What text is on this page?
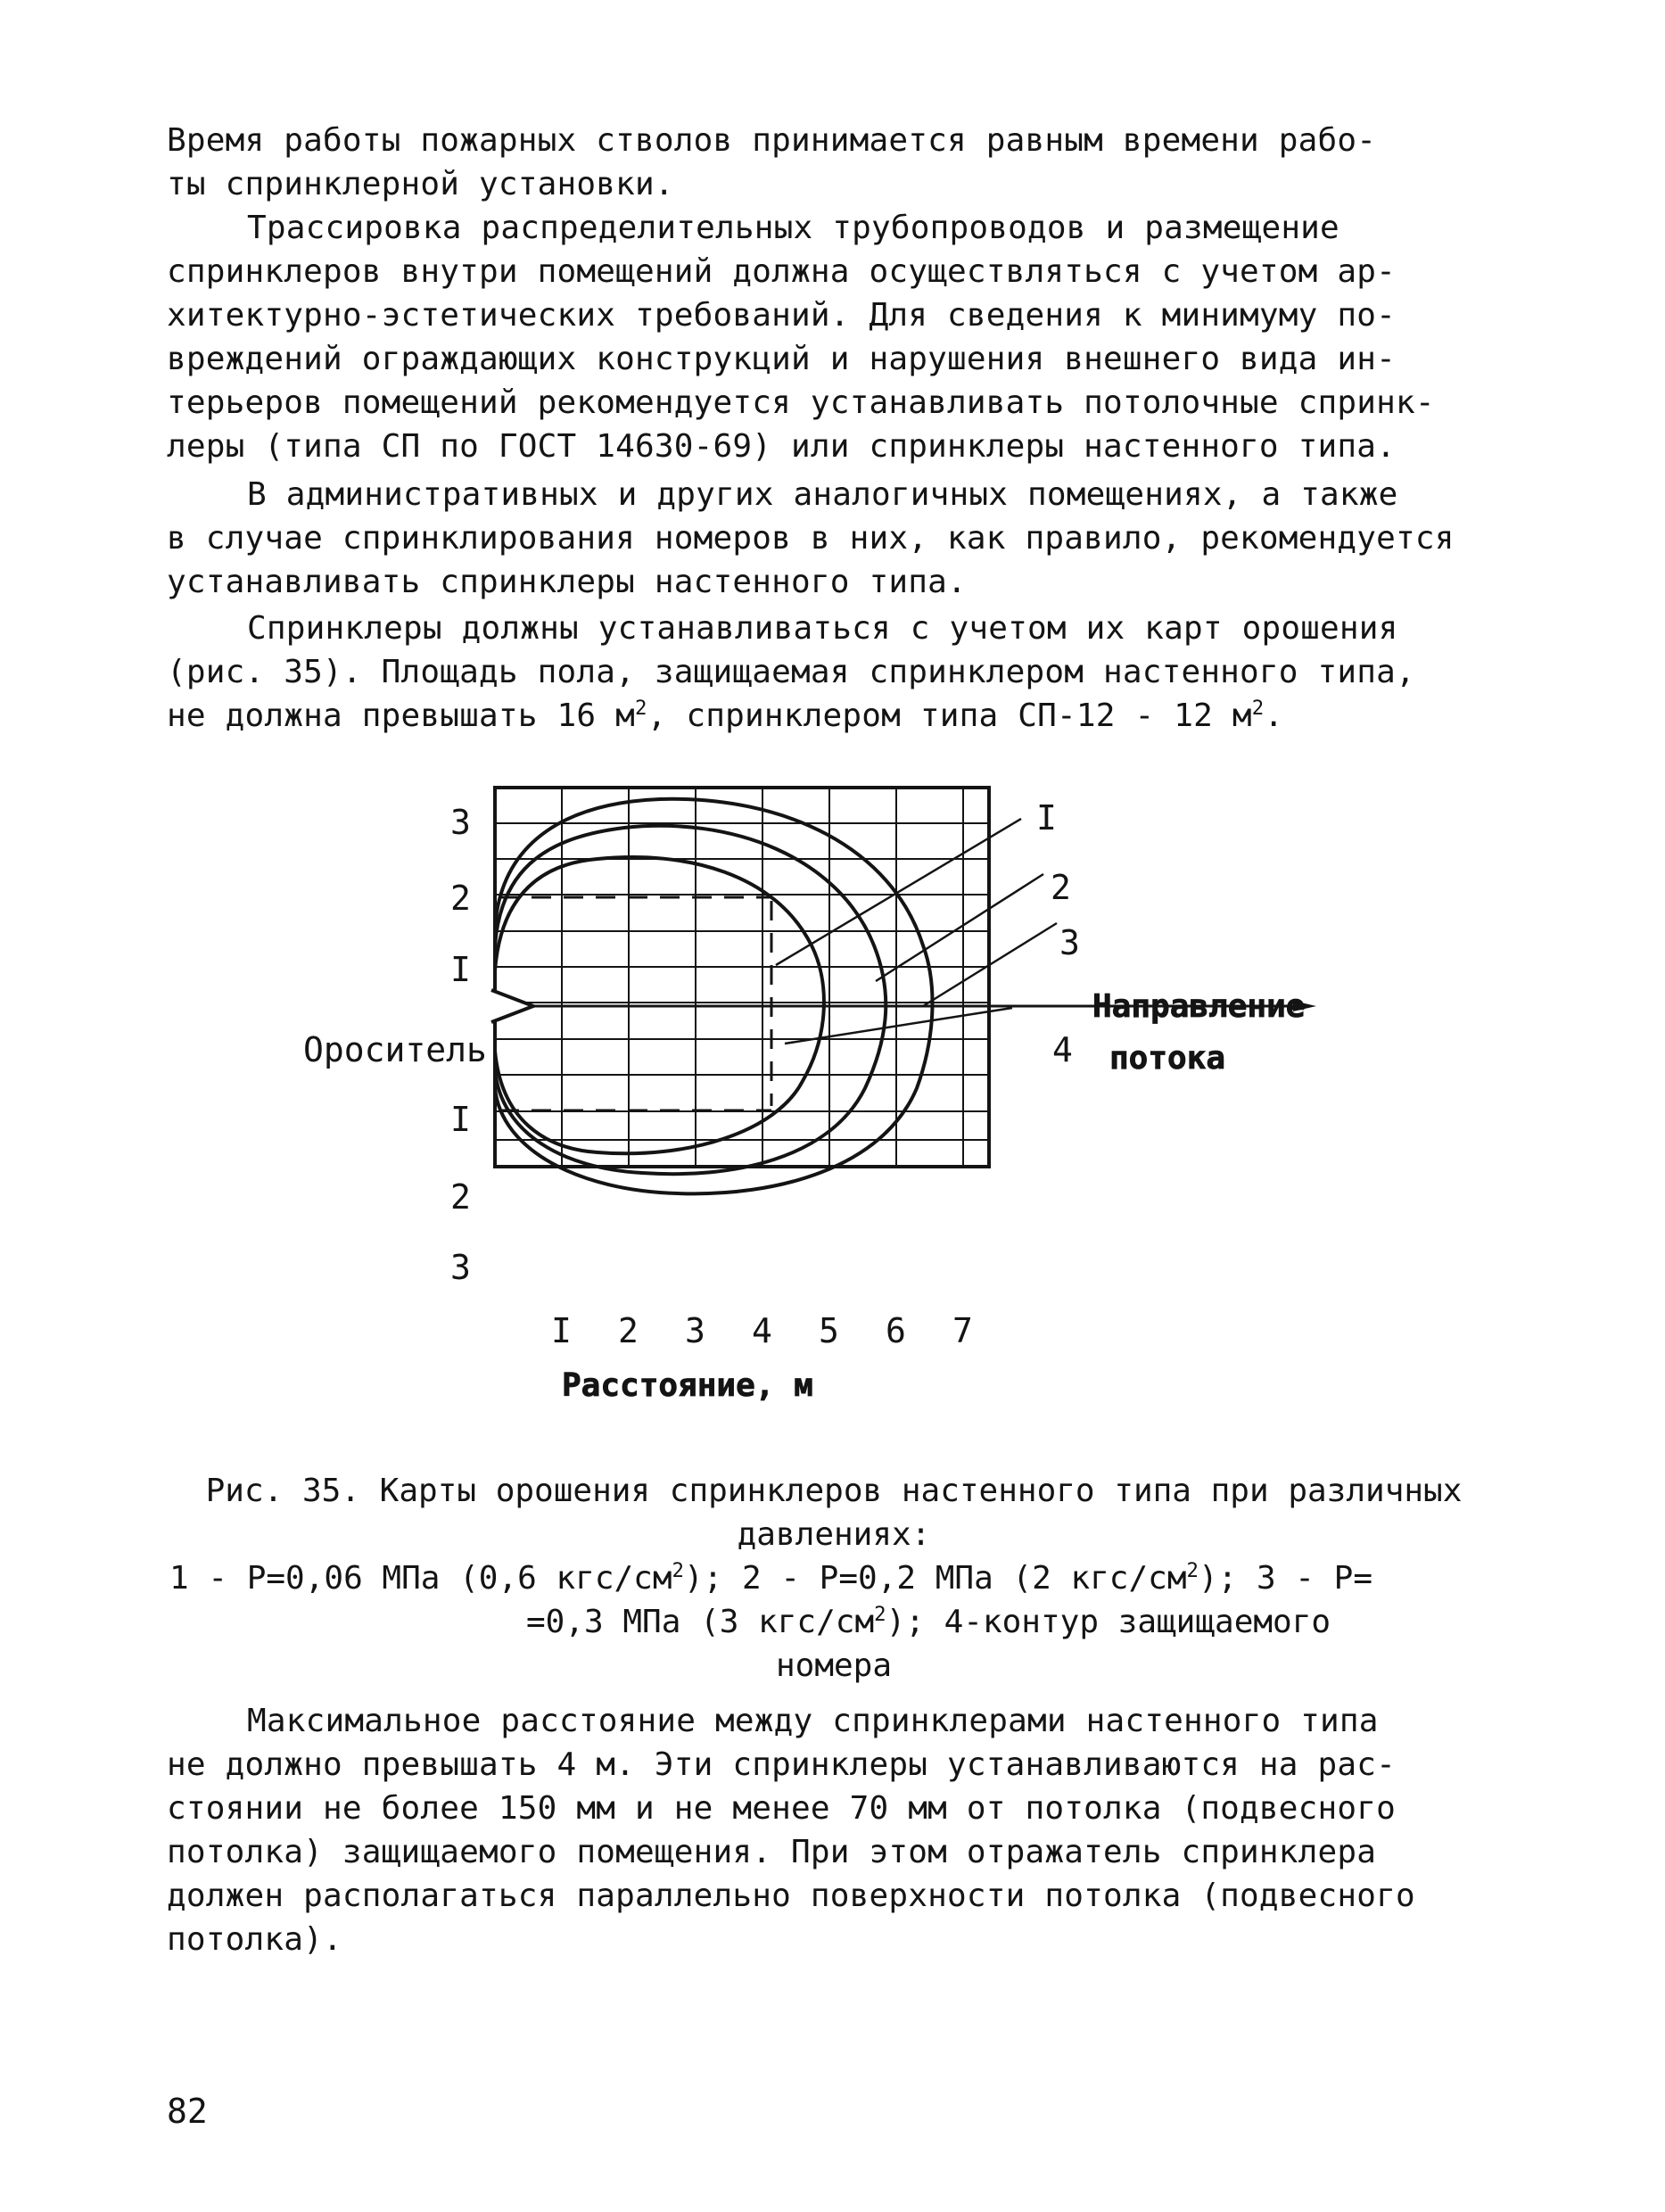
Время работы пожарных стволов принимается равным времени рабо-
ты спринклерной установки.
Трассировка распределительных трубопроводов и размещение
спринклеров внутри помещений должна осуществляться с учетом ар-
хитектурно-эстетических требований. Для сведения к минимуму по-
вреждений ограждающих конструкций и нарушения внешнего вида ин-
терьеров помещений рекомендуется устанавливать потолочные спринк-
леры (типа СП по ГОСТ 14630-69) или спринклеры настенного типа.
В административных и других аналогичных помещениях, а также
в случае спринклирования номеров в них, как правило, рекомендуется
устанавливать спринклеры настенного типа.
Спринклеры должны устанавливаться с учетом их карт орошения
(рис. 35). Площадь пола, защищаемая спринклером настенного типа,
не должна превышать 16 $м^2$, спринклером типа СП-12 - 12 $м^2$.
I
2
3
4
Направление
потока
Ороситель
3
2
I
I
2
3
I 2 3 4 5 6 7
Расстояние, м
Рис. 35. Карты орошения спринклеров настенного типа при различных
давлениях:
1 - Р=0,06 МПа (0,6 кгс/$см^2$); 2 - Р=0,2 МПа (2 кгс/$см^2$); 3 - Р=
=0,3 МПа (3 кгс/$см^2$); 4-контур защищаемого
номера
Максимальное расстояние между спринклерами настенного типа
не должно превышать 4 м. Эти спринклеры устанавливаются на рас-
стоянии не более 150 мм и не менее 70 мм от потолка (подвесного
потолка) защищаемого помещения. При этом отражатель спринклера
должен располагаться параллельно поверхности потолка (подвесного
потолка).
82
